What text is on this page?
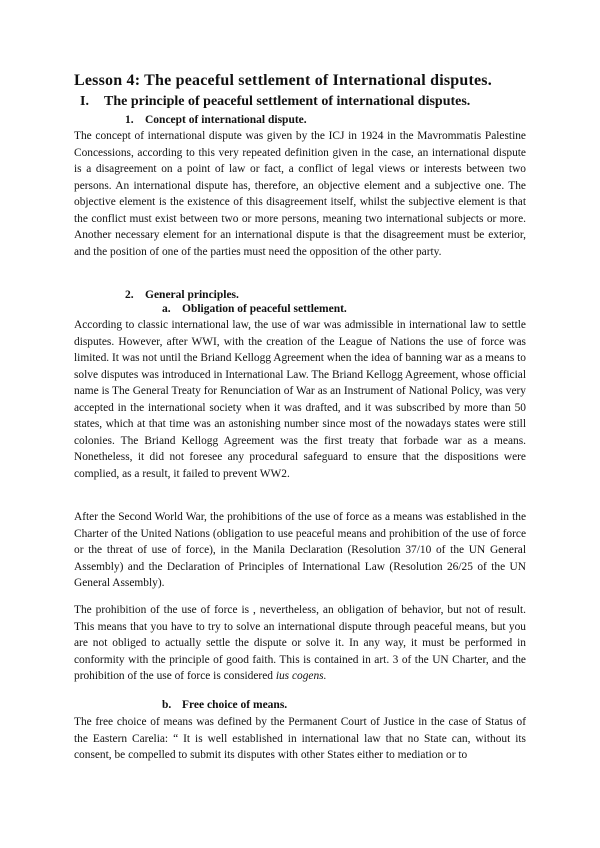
Lesson 4: The peaceful settlement of International disputes.
I. The principle of peaceful settlement of international disputes.
1. Concept of international dispute.

The concept of international dispute was given by the ICJ in 1924 in the Mavrommatis Palestine Concessions, according to this very repeated definition given in the case, an international dispute is a disagreement on a point of law or fact, a conflict of legal views or interests between two persons. An international dispute has, therefore, an objective element and a subjective one. The objective element is the existence of this disagreement itself, whilst the subjective element is that the conflict must exist between two or more persons, meaning two international subjects or more. Another necessary element for an international dispute is that the disagreement must be exterior, and the position of one of the parties must need the opposition of the other party.

2. General principles.
a. Obligation of peaceful settlement.

According to classic international law, the use of war was admissible in international law to settle disputes. However, after WWI, with the creation of the League of Nations the use of force was limited. It was not until the Briand Kellogg Agreement when the idea of banning war as a means to solve disputes was introduced in International Law. The Briand Kellogg Agreement, whose official name is The General Treaty for Renunciation of War as an Instrument of National Policy, was very accepted in the international society when it was drafted, and it was subscribed by more than 50 states, which at that time was an astonishing number since most of the nowadays states were still colonies. The Briand Kellogg Agreement was the first treaty that forbade war as a means. Nonetheless, it did not foresee any procedural safeguard to ensure that the dispositions were complied, as a result, it failed to prevent WW2.

After the Second World War, the prohibitions of the use of force as a means was established in the Charter of the United Nations (obligation to use peaceful means and prohibition of the use of force or the threat of use of force), in the Manila Declaration (Resolution 37/10 of the UN General Assembly) and the Declaration of Principles of International Law (Resolution 26/25 of the UN General Assembly).

The prohibition of the use of force is , nevertheless, an obligation of behavior, but not of result. This means that you have to try to solve an international dispute through peaceful means, but you are not obliged to actually settle the dispute or solve it. In any way, it must be performed in conformity with the principle of good faith. This is contained in art. 3 of the UN Charter, and the prohibition of the use of force is considered ius cogens.

b. Free choice of means.

The free choice of means was defined by the Permanent Court of Justice in the case of Status of the Eastern Carelia: “ It is well established in international law that no State can, without its consent, be compelled to submit its disputes with other States either to mediation or to
